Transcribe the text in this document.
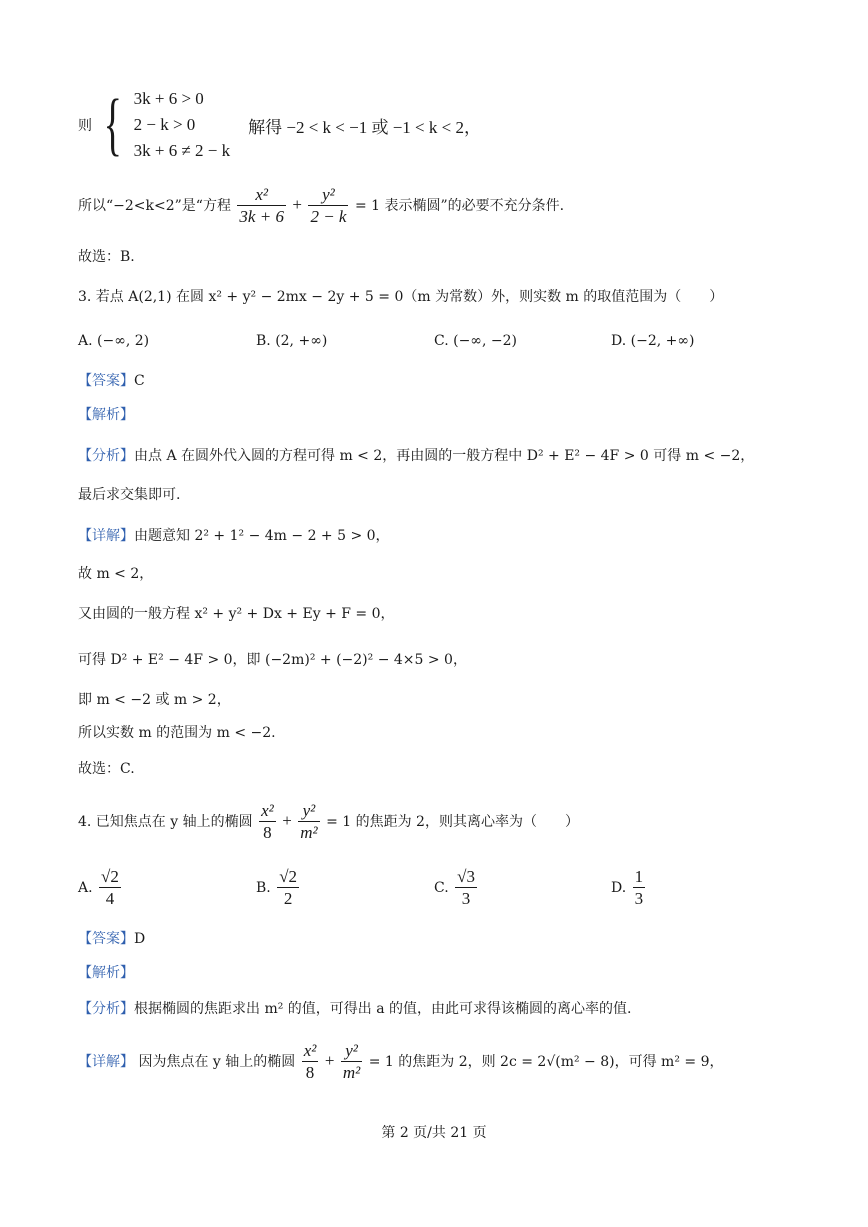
则 { 3k + 6 > 0
2 − k > 0
3k + 6 ≠ 2 − k
解得 −2 < k < −1 或 −1 < k < 2，
所以“−2<k<2”是“方程 $\frac{\text{x²}}{3k + 6} + \frac{\text{y²}}{2 - k} = 1$ 表示椭圆”的必要不充分条件.
故选：B.
3. 若点 A(2,1) 在圆 x² + y² − 2mx − 2y + 5 = 0（m 为常数）外，则实数 m 的取值范围为（　　）
A. (−∞, 2)	B. (2, +∞)	C. (−∞, −2)	D. (−2, +∞)
【答案】C
【解析】
【分析】由点 A 在圆外代入圆的方程可得 m < 2，再由圆的一般方程中 D² + E² − 4F > 0 可得 m < −2，
最后求交集即可.
【详解】由题意知 2² + 1² − 4m − 2 + 5 > 0，
故 m < 2，
又由圆的一般方程 x² + y² + Dx + Ey + F = 0，
可得 D² + E² − 4F > 0，即 (−2m)² + (−2)² − 4×5 > 0，
即 m < −2 或 m > 2，
所以实数 m 的范围为 m < −2.
故选：C.
4. 已知焦点在 y 轴上的椭圆 $\frac{\text{x²}}{8} + \frac{\text{y²}}{\text{m²}} = 1$ 的焦距为 2，则其离心率为（　　）
A. $\frac{√2}{4}$	B. $\frac{√2}{2}$	C. $\frac{√3}{3}$	D. $\frac{1}{3}$
【答案】D
【解析】
【分析】根据椭圆的焦距求出 m² 的值，可得出 a 的值，由此可求得该椭圆的离心率的值.
【详解】 因为焦点在 y 轴上的椭圆 $\frac{\text{x²}}{8} + \frac{\text{y²}}{\text{m²}} = 1$ 的焦距为 2，则 2c = 2√(m² − 8)，可得 m² = 9，
第 2 页/共 21 页
